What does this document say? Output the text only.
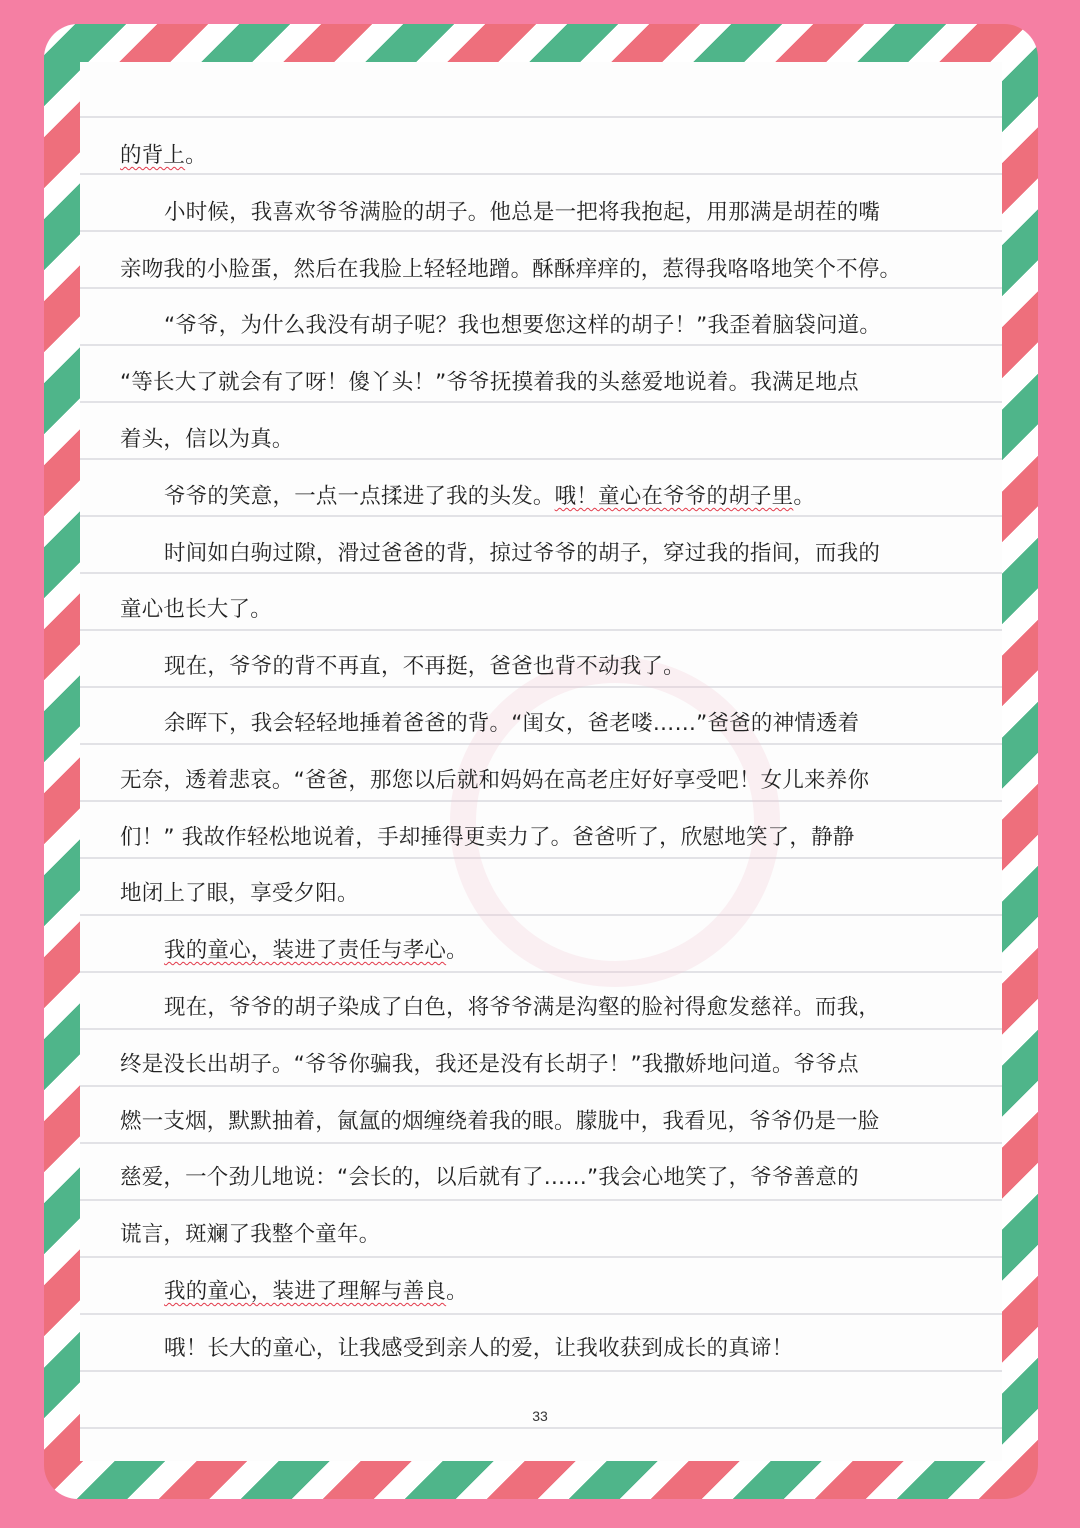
的背上。
小时候，我喜欢爷爷满脸的胡子。他总是一把将我抱起，用那满是胡茬的嘴
亲吻我的小脸蛋，然后在我脸上轻轻地蹭。酥酥痒痒的，惹得我咯咯地笑个不停。
“爷爷，为什么我没有胡子呢？我也想要您这样的胡子！”我歪着脑袋问道。
“等长大了就会有了呀！傻丫头！”爷爷抚摸着我的头慈爱地说着。我满足地点
着头，信以为真。
爷爷的笑意，一点一点揉进了我的头发。哦！童心在爷爷的胡子里。
时间如白驹过隙，滑过爸爸的背，掠过爷爷的胡子，穿过我的指间，而我的
童心也长大了。
现在，爷爷的背不再直，不再挺，爸爸也背不动我了。
余晖下，我会轻轻地捶着爸爸的背。“闺女，爸老喽……”爸爸的神情透着
无奈，透着悲哀。“爸爸，那您以后就和妈妈在高老庄好好享受吧！女儿来养你
们！” 我故作轻松地说着，手却捶得更卖力了。爸爸听了，欣慰地笑了，静静
地闭上了眼，享受夕阳。
我的童心，装进了责任与孝心。
现在，爷爷的胡子染成了白色，将爷爷满是沟壑的脸衬得愈发慈祥。而我，
终是没长出胡子。“爷爷你骗我，我还是没有长胡子！”我撒娇地问道。爷爷点
燃一支烟，默默抽着，氤氲的烟缠绕着我的眼。朦胧中，我看见，爷爷仍是一脸
慈爱，一个劲儿地说：“会长的，以后就有了……”我会心地笑了，爷爷善意的
谎言，斑斓了我整个童年。
我的童心，装进了理解与善良。
哦！长大的童心，让我感受到亲人的爱，让我收获到成长的真谛！
33
